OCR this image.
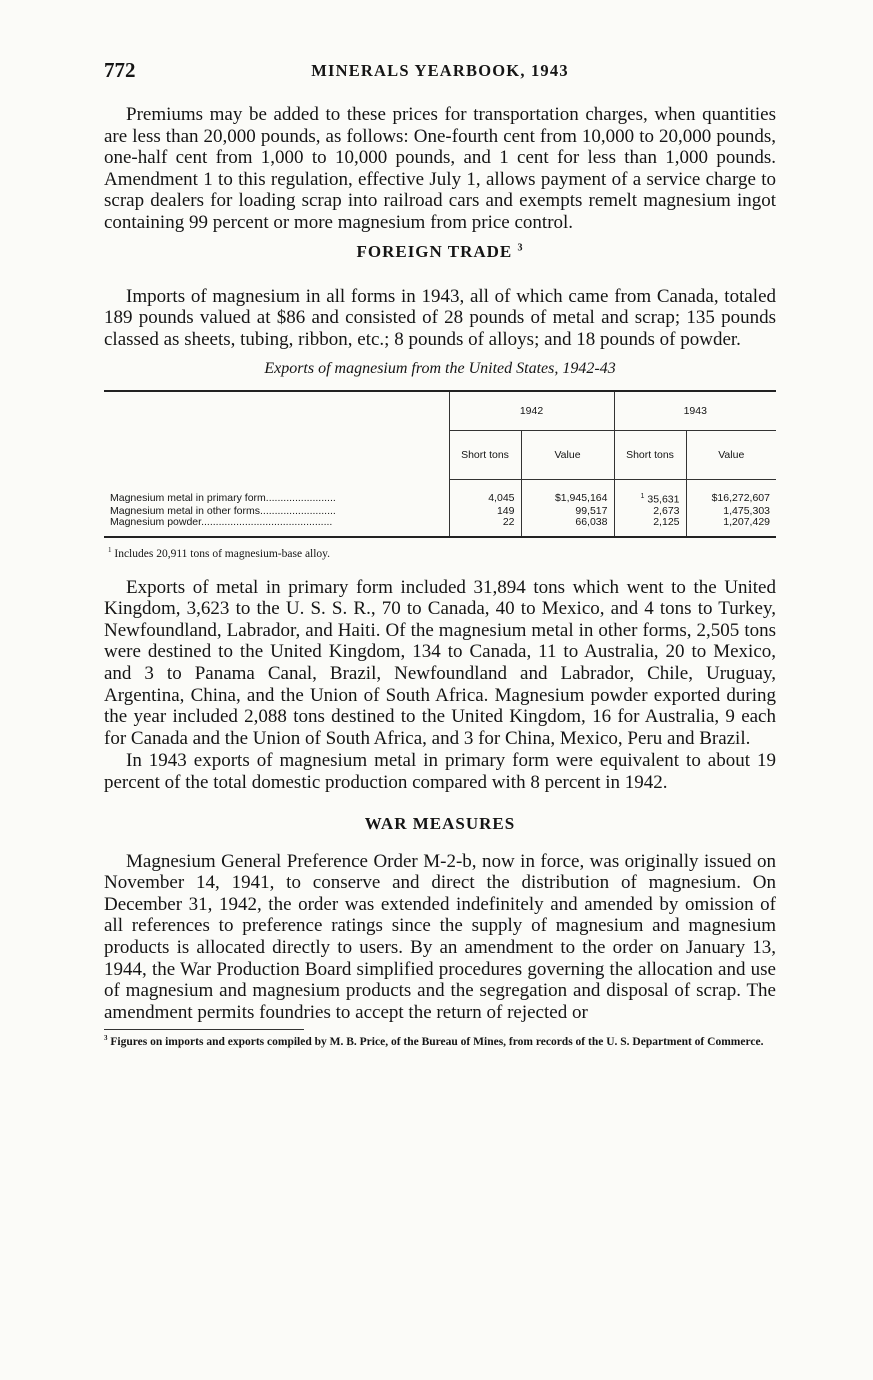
772	MINERALS YEARBOOK, 1943

Premiums may be added to these prices for transportation charges, when quantities are less than 20,000 pounds, as follows: One-fourth cent from 10,000 to 20,000 pounds, one-half cent from 1,000 to 10,000 pounds, and 1 cent for less than 1,000 pounds. Amendment 1 to this regulation, effective July 1, allows payment of a service charge to scrap dealers for loading scrap into railroad cars and exempts remelt magnesium ingot containing 99 percent or more magnesium from price control.

FOREIGN TRADE $^3$

Imports of magnesium in all forms in 1943, all of which came from Canada, totaled 189 pounds valued at $86 and consisted of 28 pounds of metal and scrap; 135 pounds classed as sheets, tubing, ribbon, etc.; 8 pounds of alloys; and 18 pounds of powder.

Exports of magnesium from the United States, 1942-43

	1942		1943	
	Short tons	Value	Short tons	Value
Magnesium metal in primary form........................	4,045	$1,945,164	$^1$ 35,631	$16,272,607
Magnesium metal in other forms..........................	149	99,517	2,673	1,475,303
Magnesium powder.............................................	22	66,038	2,125	1,207,429

$^1$ Includes 20,911 tons of magnesium-base alloy.

Exports of metal in primary form included 31,894 tons which went to the United Kingdom, 3,623 to the U. S. S. R., 70 to Canada, 40 to Mexico, and 4 tons to Turkey, Newfoundland, Labrador, and Haiti. Of the magnesium metal in other forms, 2,505 tons were destined to the United Kingdom, 134 to Canada, 11 to Australia, 20 to Mexico, and 3 to Panama Canal, Brazil, Newfoundland and Labrador, Chile, Uruguay, Argentina, China, and the Union of South Africa. Magnesium powder exported during the year included 2,088 tons destined to the United Kingdom, 16 for Australia, 9 each for Canada and the Union of South Africa, and 3 for China, Mexico, Peru and Brazil.

In 1943 exports of magnesium metal in primary form were equivalent to about 19 percent of the total domestic production compared with 8 percent in 1942.

WAR MEASURES

Magnesium General Preference Order M-2-b, now in force, was originally issued on November 14, 1941, to conserve and direct the distribution of magnesium. On December 31, 1942, the order was extended indefinitely and amended by omission of all references to preference ratings since the supply of magnesium and magnesium products is allocated directly to users. By an amendment to the order on January 13, 1944, the War Production Board simplified procedures governing the allocation and use of magnesium and magnesium products and the segregation and disposal of scrap. The amendment permits foundries to accept the return of rejected or

$^3$ Figures on imports and exports compiled by M. B. Price, of the Bureau of Mines, from records of the U. S. Department of Commerce.
